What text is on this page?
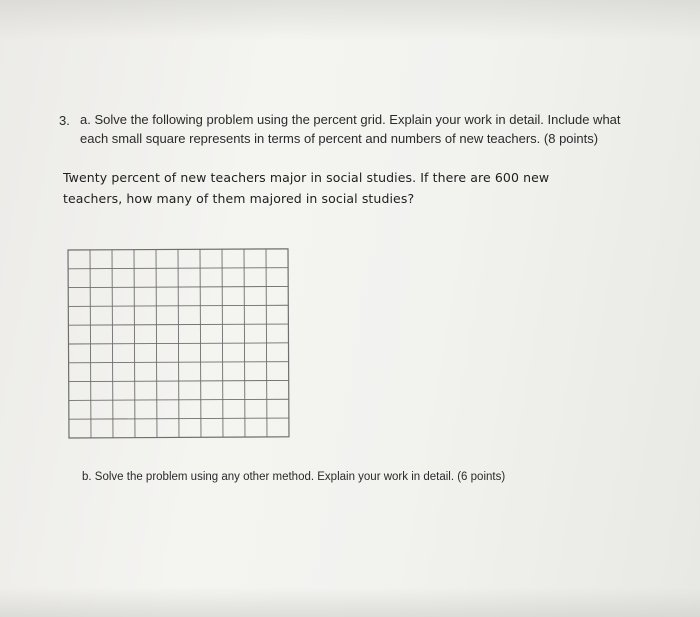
3. a. Solve the following problem using the percent grid. Explain your work in detail. Include what each small square represents in terms of percent and numbers of new teachers. (8 points)
Twenty percent of new teachers major in social studies. If there are 600 new teachers, how many of them majored in social studies?
b. Solve the problem using any other method. Explain your work in detail. (6 points)
